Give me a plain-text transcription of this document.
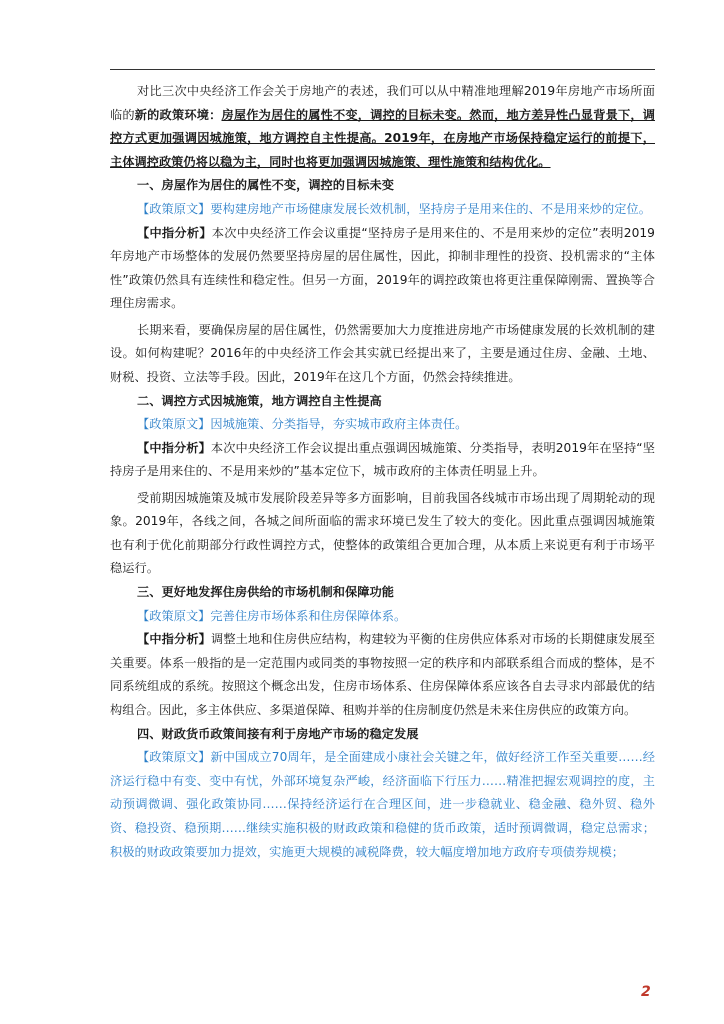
对比三次中央经济工作会关于房地产的表述，我们可以从中精准地理解2019年房地产市场所面临的新的政策环境：房屋作为居住的属性不变，调控的目标未变。然而，地方差异性凸显背景下，调控方式更加强调因城施策，地方调控自主性提高。2019年，在房地产市场保持稳定运行的前提下，主体调控政策仍将以稳为主，同时也将更加强调因城施策、理性施策和结构优化。

一、房屋作为居住的属性不变，调控的目标未变

【政策原文】要构建房地产市场健康发展长效机制，坚持房子是用来住的、不是用来炒的定位。

【中指分析】本次中央经济工作会议重提“坚持房子是用来住的、不是用来炒的定位”表明2019年房地产市场整体的发展仍然要坚持房屋的居住属性，因此，抑制非理性的投资、投机需求的“主体性”政策仍然具有连续性和稳定性。但另一方面，2019年的调控政策也将更注重保障刚需、置换等合理住房需求。

长期来看，要确保房屋的居住属性，仍然需要加大力度推进房地产市场健康发展的长效机制的建设。如何构建呢？2016年的中央经济工作会其实就已经提出来了，主要是通过住房、金融、土地、财税、投资、立法等手段。因此，2019年在这几个方面，仍然会持续推进。

二、调控方式因城施策，地方调控自主性提高

【政策原文】因城施策、分类指导，夯实城市政府主体责任。

【中指分析】本次中央经济工作会议提出重点强调因城施策、分类指导，表明2019年在坚持“坚持房子是用来住的、不是用来炒的”基本定位下，城市政府的主体责任明显上升。

受前期因城施策及城市发展阶段差异等多方面影响，目前我国各线城市市场出现了周期轮动的现象。2019年，各线之间，各城之间所面临的需求环境已发生了较大的变化。因此重点强调因城施策也有利于优化前期部分行政性调控方式，使整体的政策组合更加合理，从本质上来说更有利于市场平稳运行。

三、更好地发挥住房供给的市场机制和保障功能

【政策原文】完善住房市场体系和住房保障体系。

【中指分析】调整土地和住房供应结构，构建较为平衡的住房供应体系对市场的长期健康发展至关重要。体系一般指的是一定范围内或同类的事物按照一定的秩序和内部联系组合而成的整体，是不同系统组成的系统。按照这个概念出发，住房市场体系、住房保障体系应该各自去寻求内部最优的结构组合。因此，多主体供应、多渠道保障、租购并举的住房制度仍然是未来住房供应的政策方向。

四、财政货币政策间接有利于房地产市场的稳定发展

【政策原文】新中国成立70周年，是全面建成小康社会关键之年，做好经济工作至关重要……经济运行稳中有变、变中有忧，外部环境复杂严峻，经济面临下行压力……精准把握宏观调控的度，主动预调微调、强化政策协同……保持经济运行在合理区间，进一步稳就业、稳金融、稳外贸、稳外资、稳投资、稳预期……继续实施积极的财政政策和稳健的货币政策，适时预调微调，稳定总需求；积极的财政政策要加力提效，实施更大规模的减税降费，较大幅度增加地方政府专项债券规模；

2
